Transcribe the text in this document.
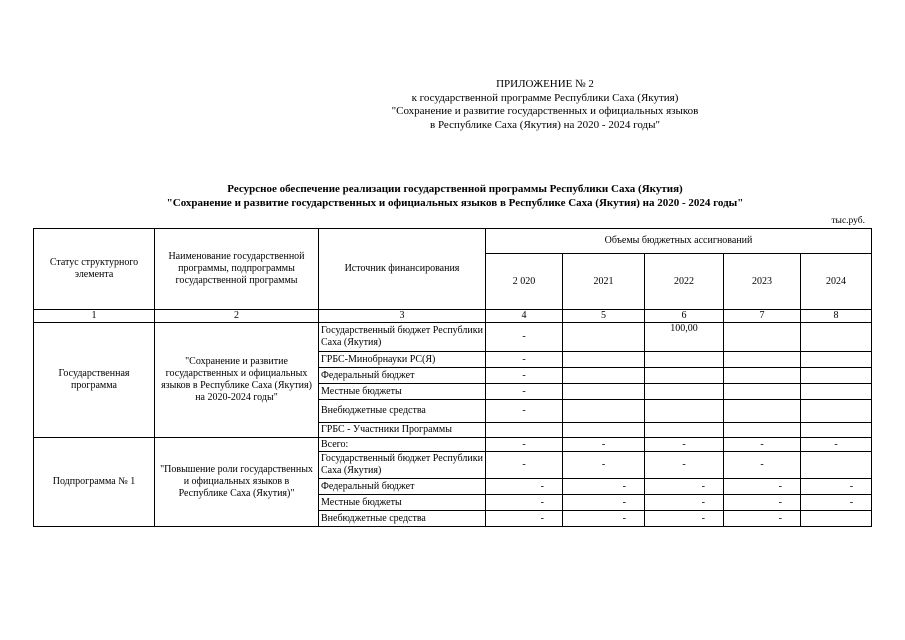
ПРИЛОЖЕНИЕ № 2
к государственной программе Республики Саха (Якутия)
"Сохранение и развитие государственных и официальных языков
в Республике Саха (Якутия) на 2020 - 2024 годы"
Ресурсное обеспечение реализации государственной программы Республики Саха (Якутия)
"Сохранение и развитие государственных и официальных языков в Республике Саха (Якутия) на 2020 - 2024 годы"
тыс.руб.
Статус структурного элемента	Наименование государственной программы, подпрограммы государственной программы	Источник финансирования	Объемы бюджетных ассигнований				
			2 020	2021	2022	2023	2024
1	2	3	4	5	6	7	8
Государственная программа	"Сохранение и развитие государственных и официальных языков в Республике Саха (Якутия) на 2020-2024 годы"	Государственный бюджет Республики Саха (Якутия)	-		100,00		
		ГРБС-Минобрнауки РС(Я)	-				
		Федеральный бюджет	-				
		Местные бюджеты	-				
		Внебюджетные средства	-				
		ГРБС - Участники Программы					
Подпрограмма № 1	"Повышение роли государственных и официальных языков в Республике Саха (Якутия)"	Всего:	-	-	-	-	-
		Государственный бюджет Республики Саха (Якутия)	-	-	-	-	
		Федеральный бюджет	-	-	-	-	-
		Местные бюджеты	-	-	-	-	-
		Внебюджетные средства	-	-	-	-	
